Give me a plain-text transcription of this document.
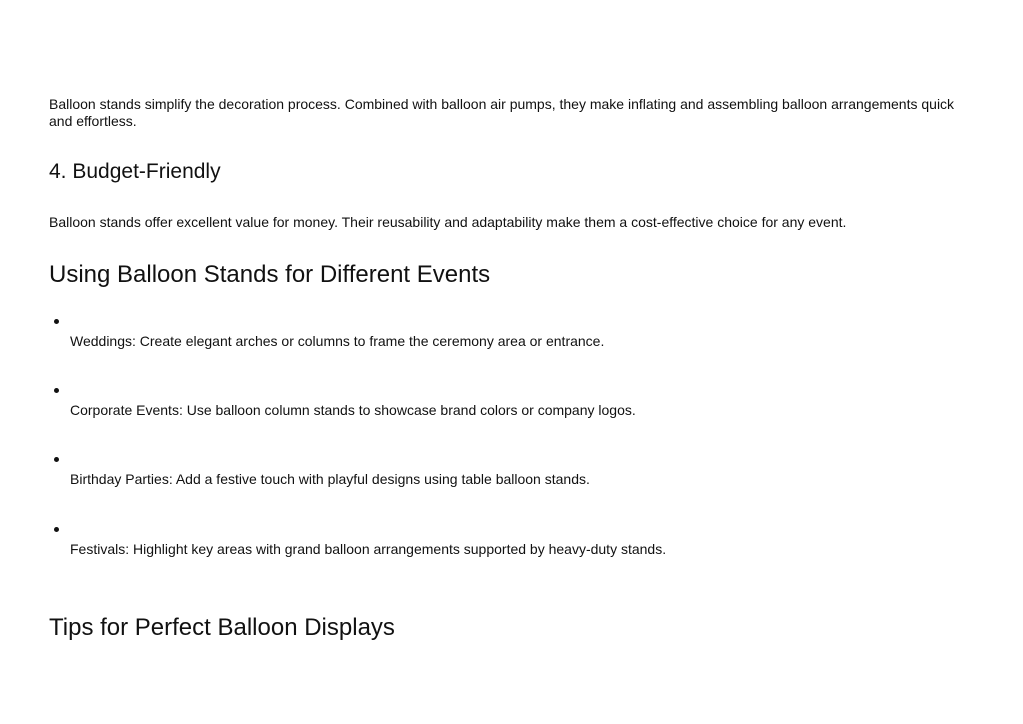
Balloon stands simplify the decoration process. Combined with balloon air pumps, they make inflating and assembling balloon arrangements quick and effortless.

4. Budget-Friendly

Balloon stands offer excellent value for money. Their reusability and adaptability make them a cost-effective choice for any event.

Using Balloon Stands for Different Events
Weddings: Create elegant arches or columns to frame the ceremony area or entrance.
Corporate Events: Use balloon column stands to showcase brand colors or company logos.
Birthday Parties: Add a festive touch with playful designs using table balloon stands.
Festivals: Highlight key areas with grand balloon arrangements supported by heavy-duty stands.
Tips for Perfect Balloon Displays
